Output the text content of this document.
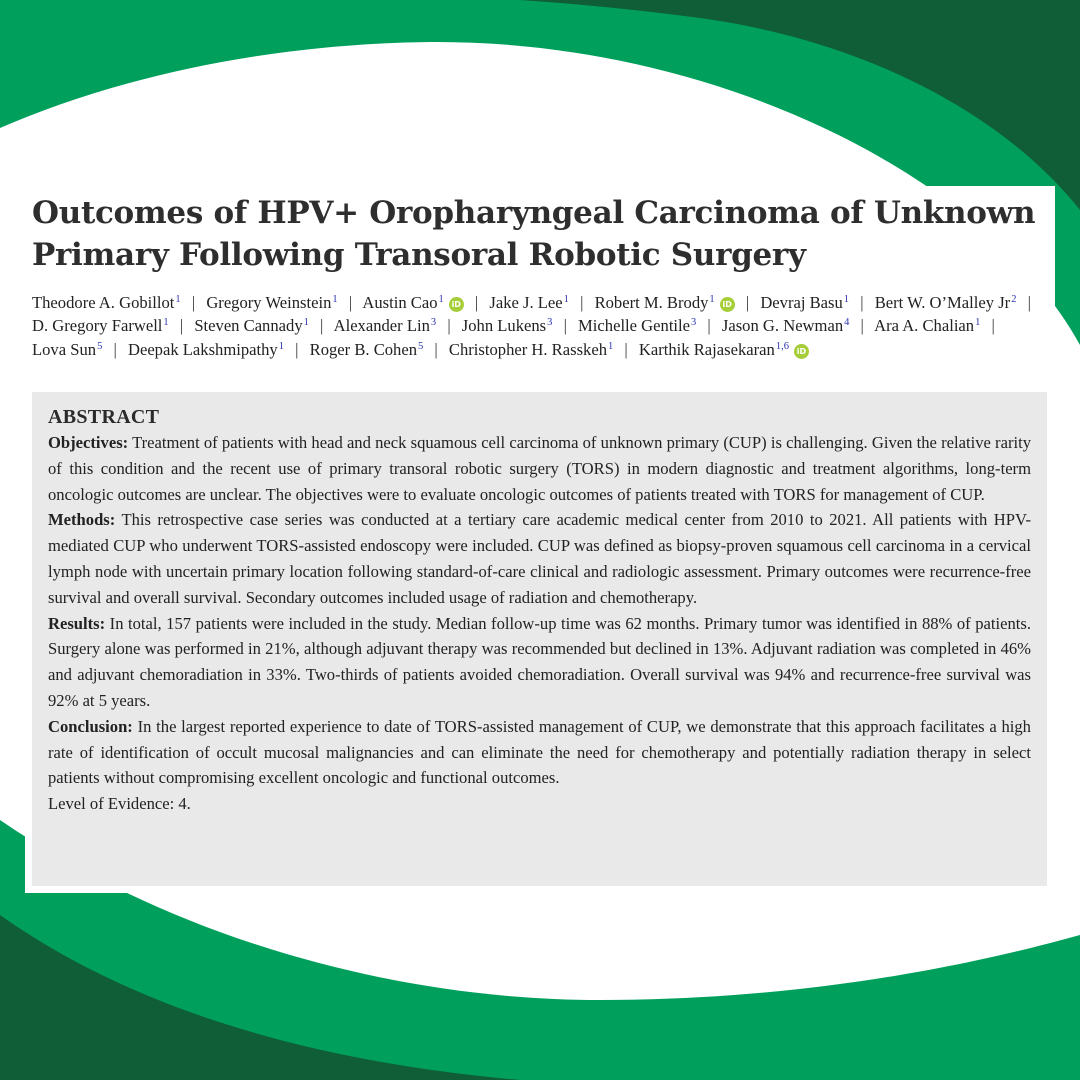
Outcomes of HPV+ Oropharyngeal Carcinoma of Unknown Primary Following Transoral Robotic Surgery
Theodore A. Gobillot$^1$ | Gregory Weinstein$^1$ | Austin Cao$^1$ iD | Jake J. Lee$^1$ | Robert M. Brody$^1$ iD | Devraj Basu$^1$ | Bert W. O’Malley Jr$^2$ | D. Gregory Farwell$^1$ | Steven Cannady$^1$ | Alexander Lin$^3$ | John Lukens$^3$ | Michelle Gentile$^3$ | Jason G. Newman$^4$ | Ara A. Chalian$^1$ | Lova Sun$^5$ | Deepak Lakshmipathy$^1$ | Roger B. Cohen$^5$ | Christopher H. Rasskeh$^1$ | Karthik Rajasekaran$^{1,6}$ iD
ABSTRACT

Objectives: Treatment of patients with head and neck squamous cell carcinoma of unknown primary (CUP) is challenging. Given the relative rarity of this condition and the recent use of primary transoral robotic surgery (TORS) in modern diagnostic and treatment algorithms, long-term oncologic outcomes are unclear. The objectives were to evaluate oncologic outcomes of patients treated with TORS for management of CUP.

Methods: This retrospective case series was conducted at a tertiary care academic medical center from 2010 to 2021. All patients with HPV-mediated CUP who underwent TORS-assisted endoscopy were included. CUP was defined as biopsy-proven squamous cell carcinoma in a cervical lymph node with uncertain primary location following standard-of-care clinical and radiologic assessment. Primary outcomes were recurrence-free survival and overall survival. Secondary outcomes included usage of radiation and chemotherapy.

Results: In total, 157 patients were included in the study. Median follow-up time was 62 months. Primary tumor was identified in 88% of patients. Surgery alone was performed in 21%, although adjuvant therapy was recommended but declined in 13%. Adjuvant radiation was completed in 46% and adjuvant chemoradiation in 33%. Two-thirds of patients avoided chemoradiation. Overall survival was 94% and recurrence-free survival was 92% at 5 years.

Conclusion: In the largest reported experience to date of TORS-assisted management of CUP, we demonstrate that this approach facilitates a high rate of identification of occult mucosal malignancies and can eliminate the need for chemotherapy and potentially radiation therapy in select patients without compromising excellent oncologic and functional outcomes.

Level of Evidence: 4.
